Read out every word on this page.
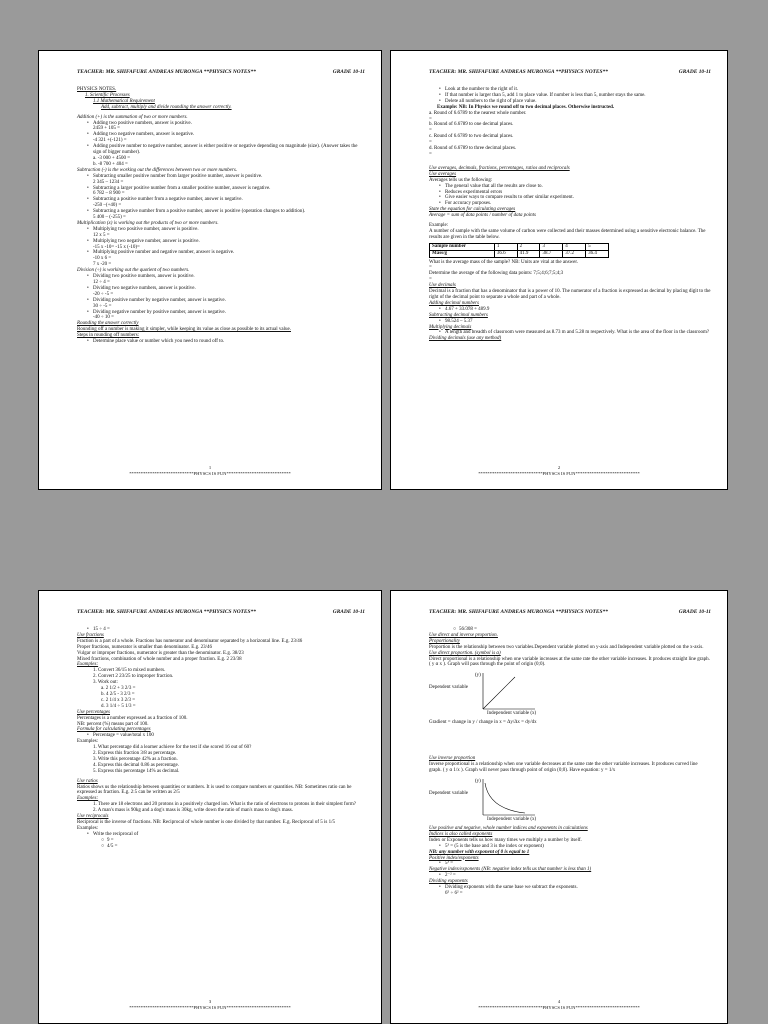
TEACHER: MR. SHIFAFURE ANDREAS MURONGA **PHYSICS NOTES**	GRADE 10-11

PHYSICS NOTES.

1. Scientific Processes

1.1 Mathematical Requirement

Add, subtract, multiply and divide rounding the answer correctly.

Addition (+) is the summation of two or more numbers.

• Adding two positive numbers, answer is positive.

2459 + 105 =

• Adding two negative numbers, answer is negative.

-4 321 +(-121) =

• Adding positive number to negative number, answer is either positive or negative depending on magnitude (size). (Answer takes the sign of bigger number).

a. -3 000 + 4500 =

b. -8 700 + 404 =

Subtraction (-) is the working out the differences between two or more numbers.

• Subtracting smaller positive number from larger positive number, answer is positive.

2 345 – 1234 =

• Subtracting a larger positive number from a smaller positive number, answer is negative.

6 782 – 8 900 =

• Subtracting a positive number from a negative number, answer is negative.

-250 –(+40) =

• Subtracting a negative number from a positive number, answer is positive (operation changes to addition).

5 400 – (-255) =

Multiplication (x) is working out the products of two or more numbers.

• Multiplying two positive number, answer is positive.

12 x 5 =

• Multiplying two negative number, answer is positive.

-15 x -10= -15 x (-10)=

• Multiplying positive number and negative number, answer is negative.

-10 x 6 =

7 x -20 =

Division (÷) is working out the quotient of two numbers.

• Dividing two positive numbers, answer is positive.

12 ÷ 4 =

• Dividing two negative numbers, answer is positive.

-20 ÷ -5 =

• Dividing positive number by negative number, answer is negative.

30 ÷ -5 =

• Dividing negative number by positive number, answer is negative.

-40 ÷ 10 =

Rounding the answer correctly

Rounding off a number is making it simpler, while keeping its value as close as possible to its actual value.

Steps in rounding off numbers:

• Determine place value or number which you need to round off to.

1
****************************PHYSCS IS FUN****************************
TEACHER: MR. SHIFAFURE ANDREAS MURONGA **PHYSICS NOTES**	GRADE 10-11

• Look at the number to the right of it.

• If that number is larger than 5, add 1 to place value. If number is less than 5, number stays the same.

• Delete all numbers to the right of place value.

Example: NB: In Physics we round off to two decimal places. Otherwise instructed.

a. Round of 6.6789 to the nearest whole number.

=

b. Round of 6.6789 to one decimal places.

=

c. Round of 6.6789 to two decimal places.

=

d. Round of 6.6789 to three decimal places.

=

Use averages, decimals, fractions, percentages, ratios and reciprocals

Use averages

Averages tells us the following:

• The general value that all the results are close to.

• Reduces experimental errors

• Give easier ways to compare results to other similar experiment.

• For accuracy purposes.

State the equation for calculating averages

Average = sum of data points / number of data points

Example:

A number of sample with the same volume of carbon were collected and their masses determined using a sensitive electronic balance. The results are given in the table below.

Sample number	1	2	3	4	5
Mass/g	36.6	41.9	38.7	37.2	36.4

What is the average mass of the sample? NB: Units are vital at the answer.

=

Determine the average of the following data points: 7;5;4;6;7;5;4;3

=

Use decimals

Decimal is a fraction that has a denominator that is a power of 10. The numerator of a fraction is expressed as decimal by placing digit to the right of the decimal point to separate a whole and part of a whole.

Adding decimal numbers

• 4.67 + 33.078 + 489.9

Subtracting decimal numbers

• 98.524 – 5.37

Multiplying decimals

• A length and breadth of classroom were measured as 8.73 m and 5.28 m respectively. What is the area of the floor in the classroom?

Dividing decimals (use any method)

2
****************************PHYSCS IS FUN****************************
TEACHER: MR. SHIFAFURE ANDREAS MURONGA **PHYSICS NOTES**	GRADE 10-11

• 15 ÷ 4 =

Use fractions

Fraction is a part of a whole. Fractions has numerator and denominator separated by a horizontal line. E.g. 23/46

Proper fractions, numerator is smaller than denominator. E.g. 23/46

Vulgar or improper fractions, numerator is greater than the denominator. E.g. 38/23

Mixed fractions, combination of whole number and a proper fraction. E.g. 2 23/38

Examples:

1. Convert 36/15 to mixed numbers.

2. Convert 2 23/25 to improper fraction.

3. Work out:

a. 2 1/2 + 3 2/3 =

b. 4 2/5 - 3 2/3 =

c. 2 1/4 x 3 2/3 =

d. 3 1/4 ÷ 5 1/3 =

Use percentages

Percentages is a number expressed as a fraction of 100.

NB: percent (%) means part of 100.

Formula for calculating percentages

• Percentage = value/total x 100

Examples:

1. What percentage did a learner achieve for the test if she scored 16 out of 60?

2. Express this fraction 3/8 as percentage.

3. Write this percentage 42% as a fraction.

4. Express this decimal 0.86 as percentage.

5. Express this percentage 14% as decimal.

Use ratios

Ratios shows us the relationship between quantities or numbers. It is used to compare numbers or quantities. NB: Sometimes ratio can be expressed as fraction. E.g. 2:5 can be written as 2/5

Examples:

1. There are 18 electrons and 20 protons in a positively charged ion. What is the ratio of electrons to protons in their simplest form?

2. A man's mass is 90kg and a dog's mass is 30kg, write down the ratio of man's mass to dog's mass.

Use reciprocals

Reciprocal is the inverse of fractions. NB: Reciprocal of whole number is one divided by that number. E.g. Reciprocal of 5 is 1/5

Examples:

• Write the reciprocal of

○ 9 =

○ 4/5 =

3
****************************PHYSCS IS FUN****************************
TEACHER: MR. SHIFAFURE ANDREAS MURONGA **PHYSICS NOTES**	GRADE 10-11

○ 56/308 =

Use direct and inverse proportion.

Proportionality

Proportion is the relationship between two variables.Dependent variable plotted on y-axis and Independent variable plotted on the x-axis.

Use direct proportion. (symbol is α)

Direct proportional is a relationship when one variable increases at the same rate the other variable increases. It produces straight line graph. ( y α x ). Graph will pass through the point of origin (0;0).

Dependent variable
(y)
Independent variable (x)

Gradient = change in y / change in x = Δy/Δx = dy/dx

Use inverse proportion

Inverse proportional is a relationship when one variable decreases at the same rate the other variable increases. It produces curved line graph. ( y α 1/x ). Graph will never pass through point of origin (0;0). Have equation: y = 1/x

Dependent variable
(y)
Independent variable (x)

Use positive and negative, whole number indices and exponents in calculations

Indices is also called exponents

Index or Exponents tells us how many times we multiply a number by itself.

• 5³ = (5 is the base and 3 is the index or exponent)

NB: any number with exponent of 0 is equal to 1

Positive index/exponents

• 5³ =

Negative index/exponents (NB: negative index tells us that number is less than 1)

• 2⁻² =

Dividing exponents

• Dividing exponents with the same base we subtract the exponents.

6⁵ ÷ 6² =

4
****************************PHYSCS IS FUN****************************
